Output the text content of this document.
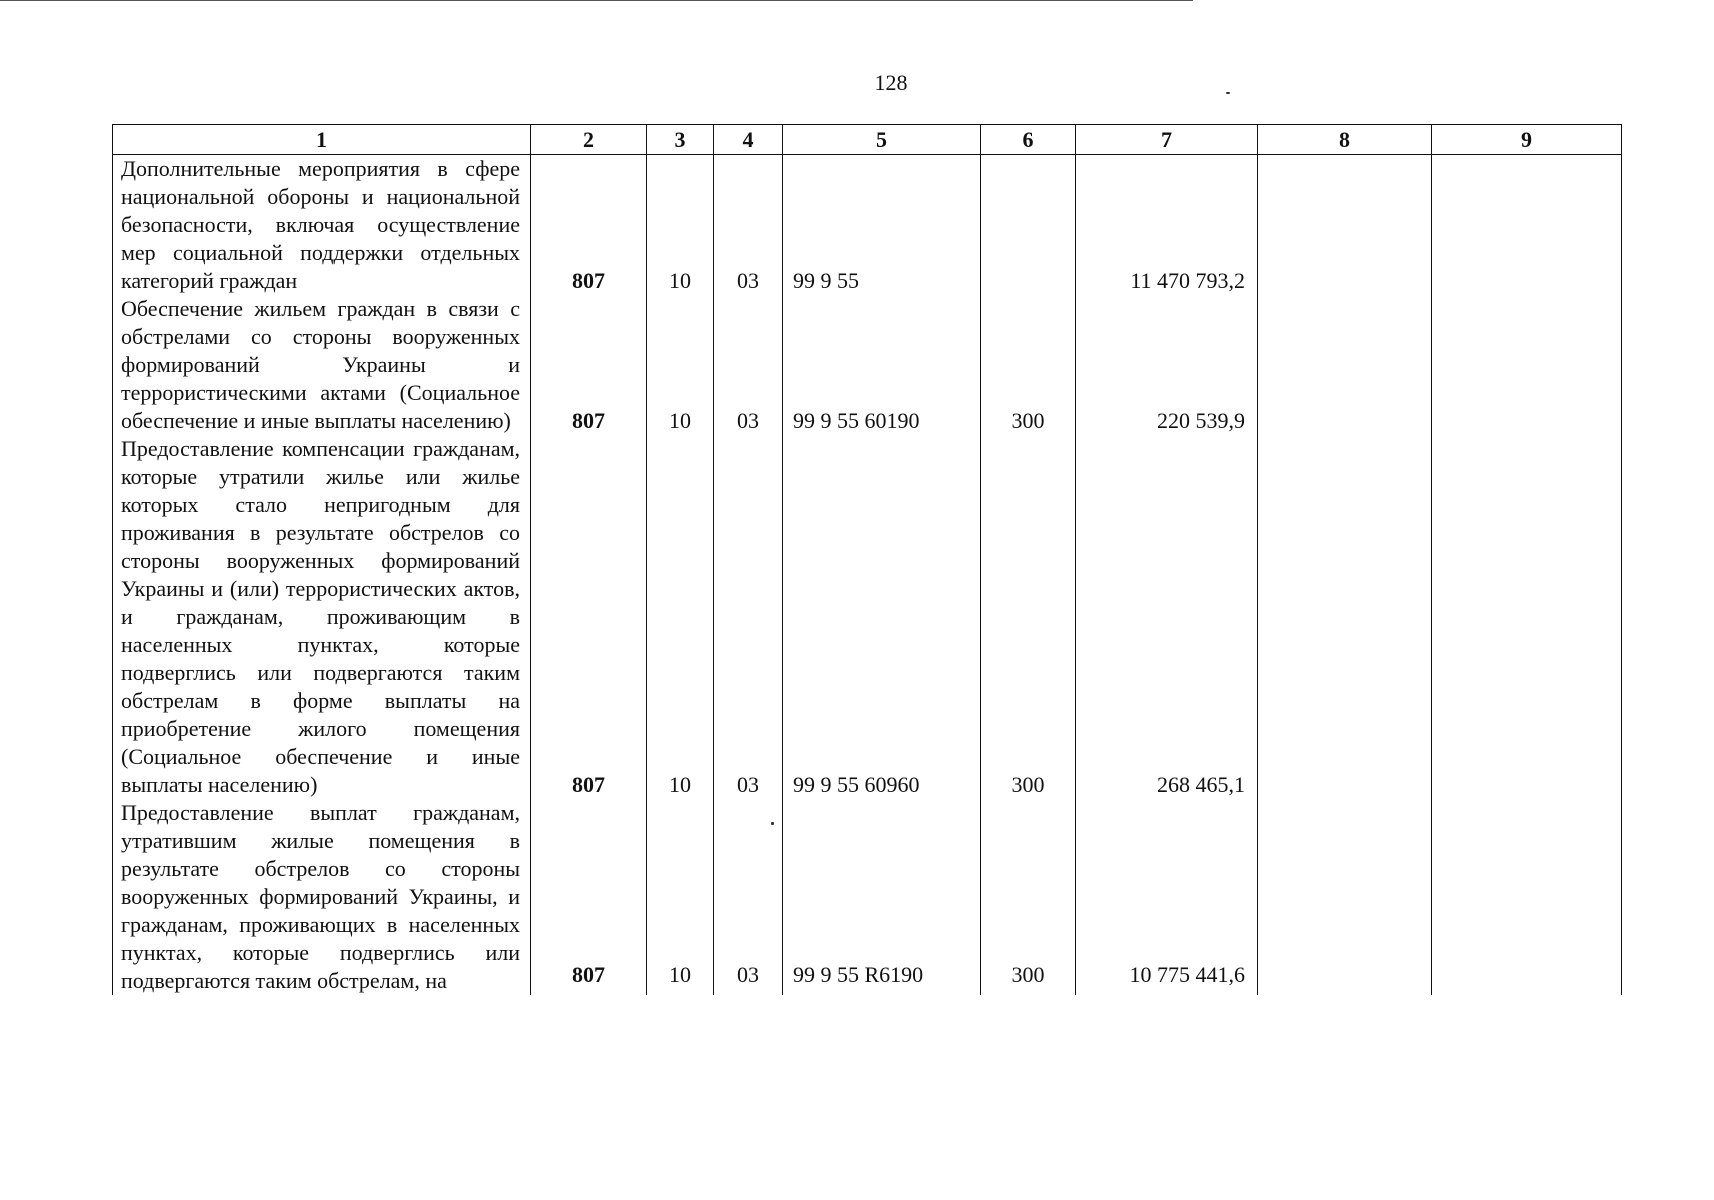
128
1	2	3	4	5	6	7	8	9
Дополнительные мероприятия в сфере национальной обороны и национальной безопасности, включая осуществление мер социальной поддержки отдельных категорий граждан	807	10	03	99 9 55		11 470 793,2		
Обеспечение жильем граждан в связи с обстрелами со стороны вооруженных формирований Украины и террористическими актами (Социальное обеспечение и иные выплаты населению)	807	10	03	99 9 55 60190	300	220 539,9		
Предоставление компенсации гражданам, которые утратили жилье или жилье которых стало непригодным для проживания в результате обстрелов со стороны вооруженных формирований Украины и (или) террористических актов, и гражданам, проживающим в населенных пунктах, которые подверглись или подвергаются таким обстрелам в форме выплаты на приобретение жилого помещения (Социальное обеспечение и иные выплаты населению)	807	10	03	99 9 55 60960	300	268 465,1		
Предоставление выплат гражданам, утратившим жилые помещения в результате обстрелов со стороны вооруженных формирований Украины, и гражданам, проживающих в населенных пунктах, которые подверглись или подвергаются таким обстрелам, на	807	10	03	99 9 55 R6190	300	10 775 441,6		
